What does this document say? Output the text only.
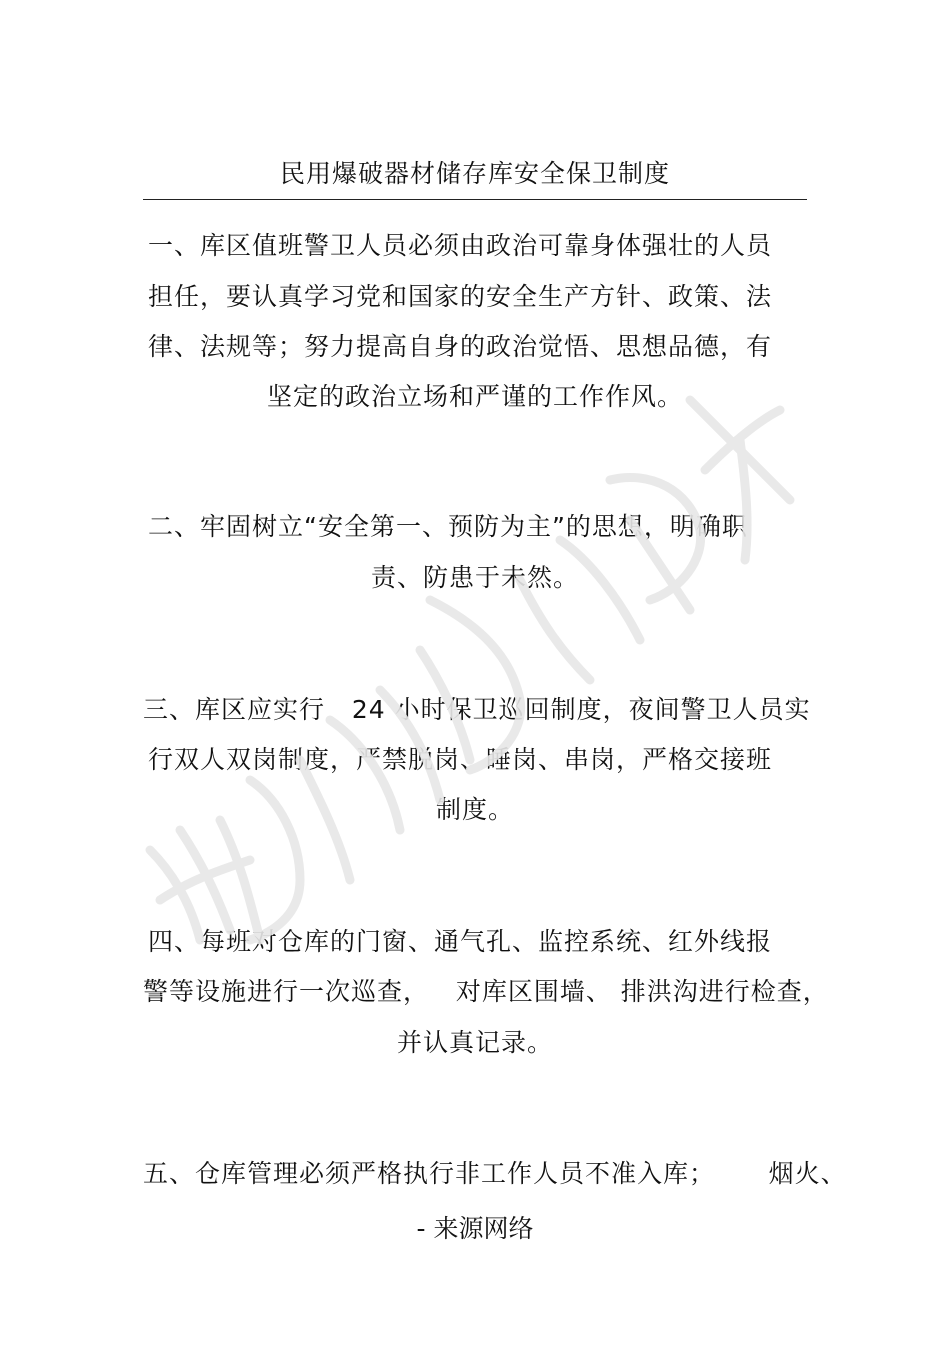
民用爆破器材储存库安全保卫制度
一、库区值班警卫人员必须由政治可靠身体强壮的人员
担任，要认真学习党和国家的安全生产方针、政策、法
律、法规等；努力提高自身的政治觉悟、思想品德，有
坚定的政治立场和严谨的工作作风。
二、牢固树立“安全第一、预防为主”的思想，明确职
责、防患于未然。
三、库区应实行   24 小时保卫巡回制度，夜间警卫人员实
行双人双岗制度，严禁脱岗、睡岗、串岗，严格交接班
制度。
四、每班对仓库的门窗、通气孔、监控系统、红外线报
警等设施进行一次巡查，   对库区围墙、 排洪沟进行检查，
并认真记录。
五、仓库管理必须严格执行非工作人员不准入库；      烟火、
- 来源网络
